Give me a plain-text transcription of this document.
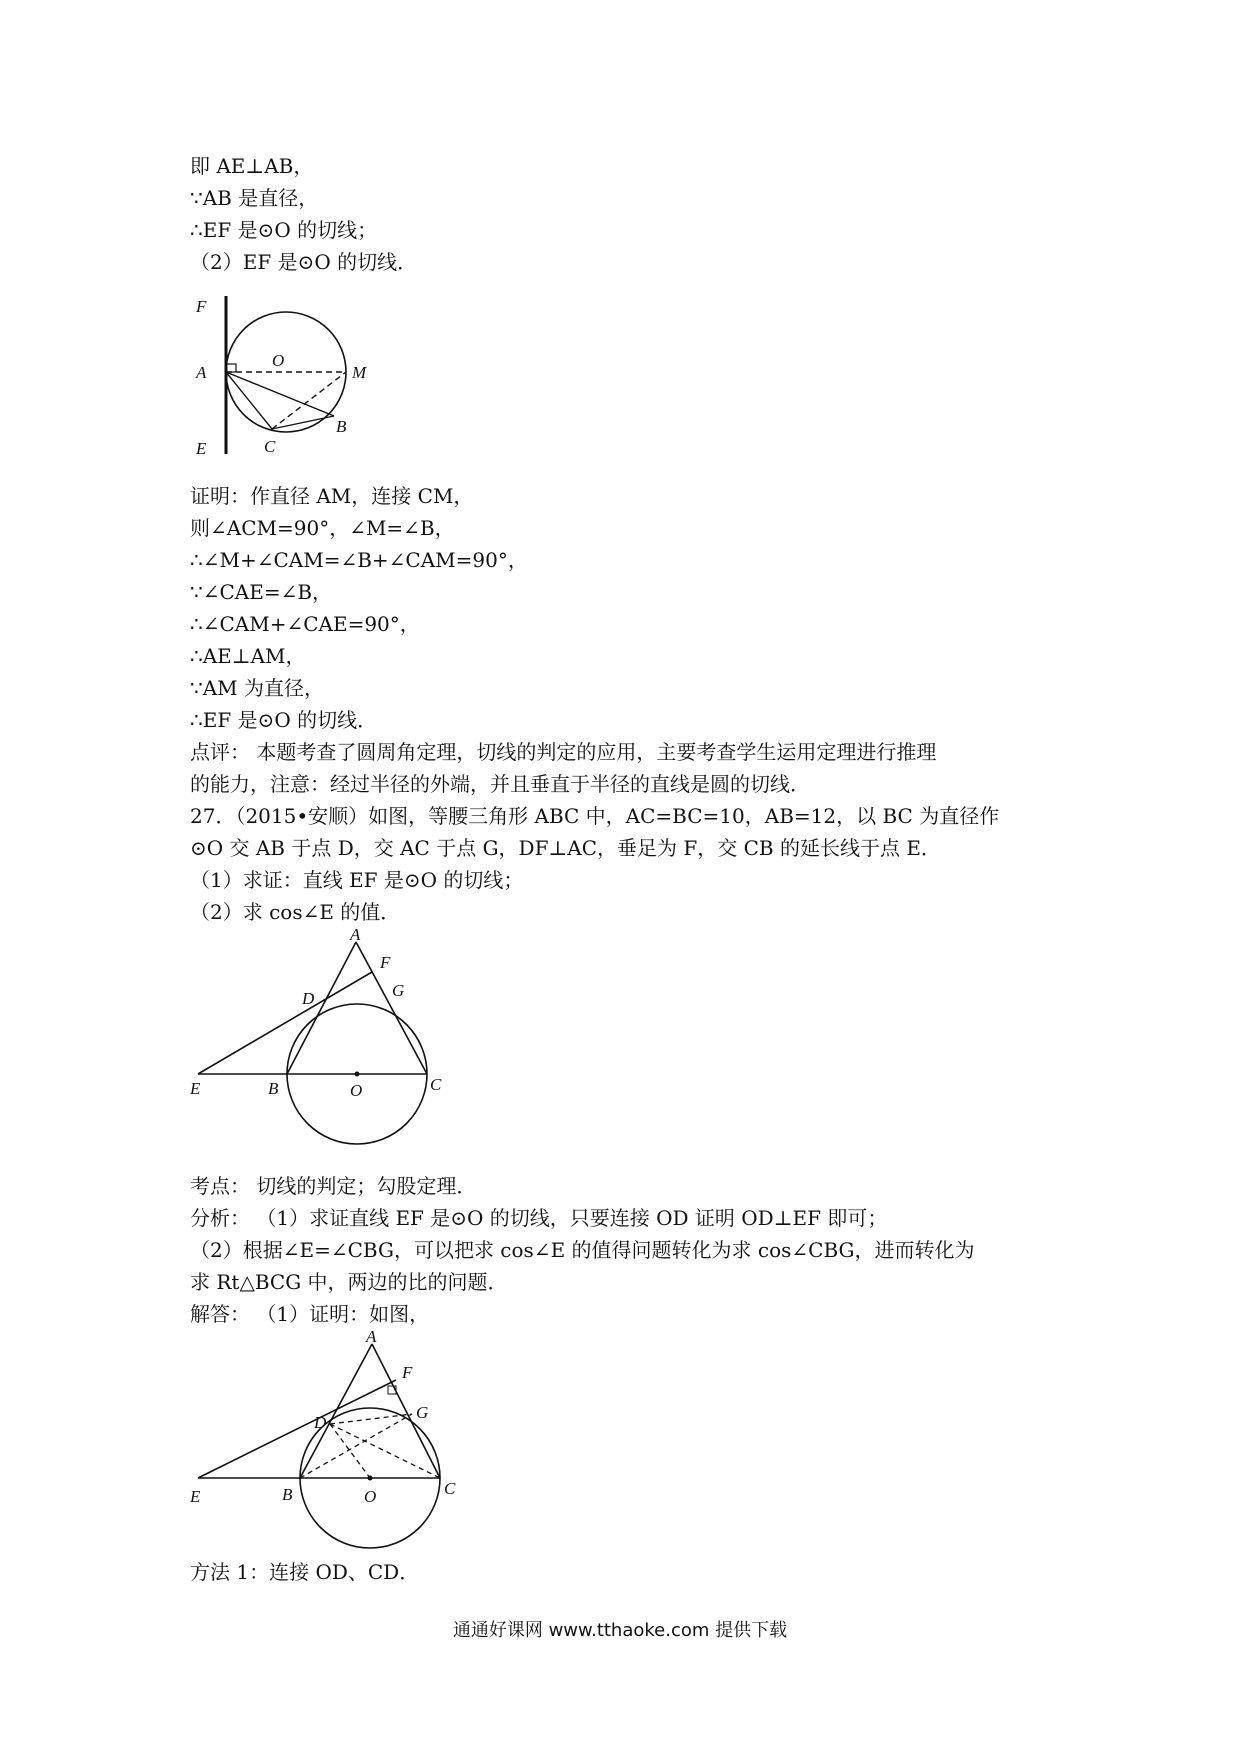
即 AE⊥AB，
∵AB 是直径，
∴EF 是⊙O 的切线；
（2）EF 是⊙O 的切线．
F
A
E
O
M
B
C
证明：作直径 AM，连接 CM，
则∠ACM=90°，∠M=∠B，
∴∠M+∠CAM=∠B+∠CAM=90°，
∵∠CAE=∠B，
∴∠CAM+∠CAE=90°，
∴AE⊥AM，
∵AM 为直径，
∴EF 是⊙O 的切线．
点评： 本题考查了圆周角定理，切线的判定的应用，主要考查学生运用定理进行推理
的能力，注意：经过半径的外端，并且垂直于半径的直线是圆的切线．
27．（2015•安顺）如图，等腰三角形 ABC 中，AC=BC=10，AB=12，以 BC 为直径作
⊙O 交 AB 于点 D，交 AC 于点 G，DF⊥AC，垂足为 F，交 CB 的延长线于点 E．
（1）求证：直线 EF 是⊙O 的切线；
（2）求 cos∠E 的值．
A
F
G
D
E	B	O	C
考点： 切线的判定；勾股定理．
分析： （1）求证直线 EF 是⊙O 的切线，只要连接 OD 证明 OD⊥EF 即可；
（2）根据∠E=∠CBG，可以把求 cos∠E 的值得问题转化为求 cos∠CBG，进而转化为
求 Rt△BCG 中，两边的比的问题．
解答： （1）证明：如图，
A
F
G
D
E	B	O	C
方法 1：连接 OD、CD．
通通好课网 www.tthaoke.com 提供下载
